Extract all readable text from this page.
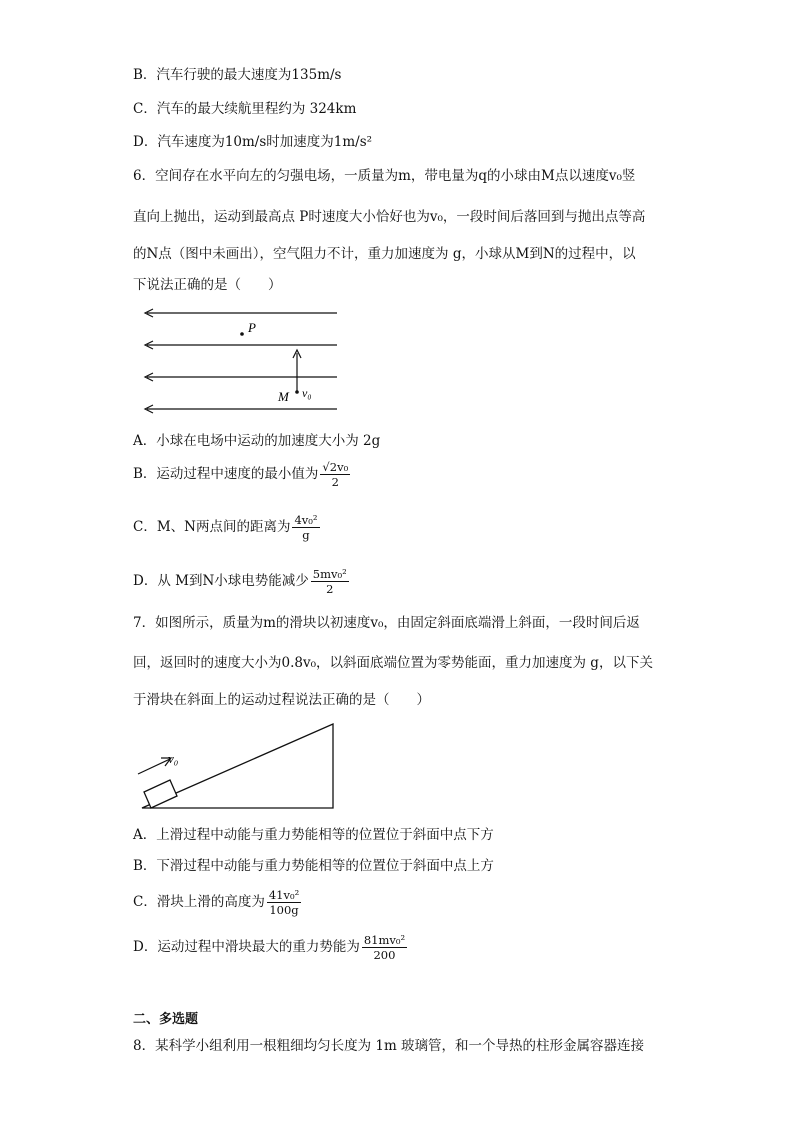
B．汽车行驶的最大速度为135m/s
C．汽车的最大续航里程约为 324km
D．汽车速度为10m/s时加速度为1m/s²
6．空间存在水平向左的匀强电场，一质量为m，带电量为q的小球由M点以速度v₀竖
直向上抛出，运动到最高点 P时速度大小恰好也为v₀，一段时间后落回到与抛出点等高
的N点（图中未画出），空气阻力不计，重力加速度为 g，小球从M到N的过程中，以
下说法正确的是（　　）
P
M v₀
A．小球在电场中运动的加速度大小为 2g
B．运动过程中速度的最小值为 $\frac{\text{√2v₀}}{2}$
C．M、N两点间的距离为 $\frac{\text{4v₀²}}{g}$
D．从 M到N小球电势能减少 $\frac{\text{5mv₀²}}{2}$
7．如图所示，质量为m的滑块以初速度v₀，由固定斜面底端滑上斜面，一段时间后返
回，返回时的速度大小为0.8v₀，以斜面底端位置为零势能面，重力加速度为 g，以下关
于滑块在斜面上的运动过程说法正确的是（　　）
v₀
A．上滑过程中动能与重力势能相等的位置位于斜面中点下方
B．下滑过程中动能与重力势能相等的位置位于斜面中点上方
C．滑块上滑的高度为 $\frac{\text{41v₀²}}{100g}$
D．运动过程中滑块最大的重力势能为 $\frac{\text{81mv₀²}}{200}$
二、多选题
8．某科学小组利用一根粗细均匀长度为 1m 玻璃管，和一个导热的柱形金属容器连接
